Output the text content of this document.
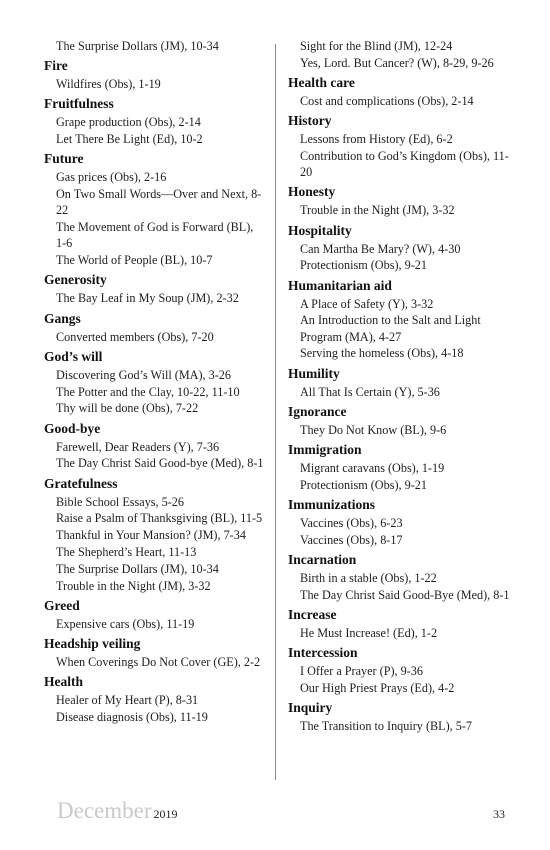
The Surprise Dollars (JM), 10-34
Fire
Wildfires (Obs), 1-19
Fruitfulness
Grape production (Obs), 2-14
Let There Be Light (Ed), 10-2
Future
Gas prices (Obs), 2-16
On Two Small Words—Over and Next, 8-22
The Movement of God is Forward (BL), 1-6
The World of People (BL), 10-7
Generosity
The Bay Leaf in My Soup (JM), 2-32
Gangs
Converted members (Obs), 7-20
God’s will
Discovering God’s Will (MA), 3-26
The Potter and the Clay, 10-22, 11-10
Thy will be done (Obs), 7-22
Good-bye
Farewell, Dear Readers (Y), 7-36
The Day Christ Said Good-bye (Med), 8-1
Gratefulness
Bible School Essays, 5-26
Raise a Psalm of Thanksgiving (BL), 11-5
Thankful in Your Mansion? (JM), 7-34
The Shepherd’s Heart, 11-13
The Surprise Dollars (JM), 10-34
Trouble in the Night (JM), 3-32
Greed
Expensive cars (Obs), 11-19
Headship veiling
When Coverings Do Not Cover (GE), 2-2
Health
Healer of My Heart (P), 8-31
Disease diagnosis (Obs), 11-19
Sight for the Blind (JM), 12-24
Yes, Lord. But Cancer? (W), 8-29, 9-26
Health care
Cost and complications (Obs), 2-14
History
Lessons from History (Ed), 6-2
Contribution to God’s Kingdom (Obs), 11-20
Honesty
Trouble in the Night (JM), 3-32
Hospitality
Can Martha Be Mary? (W), 4-30
Protectionism (Obs), 9-21
Humanitarian aid
A Place of Safety (Y), 3-32
An Introduction to the Salt and Light Program (MA), 4-27
Serving the homeless (Obs), 4-18
Humility
All That Is Certain (Y), 5-36
Ignorance
They Do Not Know (BL), 9-6
Immigration
Migrant caravans (Obs), 1-19
Protectionism (Obs), 9-21
Immunizations
Vaccines (Obs), 6-23
Vaccines (Obs), 8-17
Incarnation
Birth in a stable (Obs), 1-22
The Day Christ Said Good-Bye (Med), 8-1
Increase
He Must Increase! (Ed), 1-2
Intercession
I Offer a Prayer (P), 9-36
Our High Priest Prays (Ed), 4-2
Inquiry
The Transition to Inquiry (BL), 5-7
December 2019	33
